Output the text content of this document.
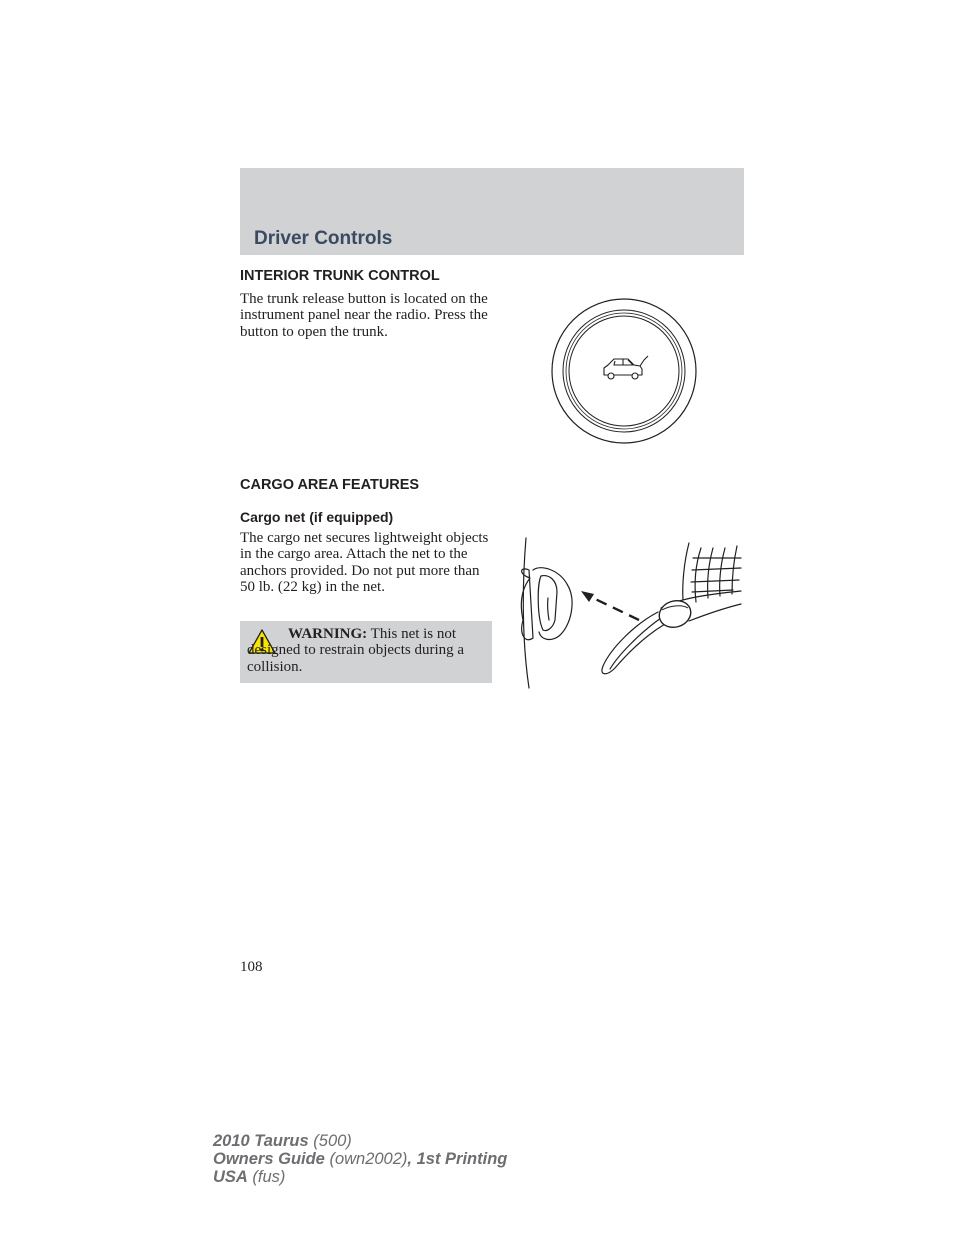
Driver Controls
INTERIOR TRUNK CONTROL

The trunk release button is located on the instrument panel near the radio. Press the button to open the trunk.

CARGO AREA FEATURES
Cargo net (if equipped)

The cargo net secures lightweight objects in the cargo area. Attach the net to the anchors provided. Do not put more than 50 lb. (22 kg) in the net.

WARNING: This net is not designed to restrain objects during a collision.

108

2010 Taurus (500)
Owners Guide (own2002), 1st Printing
USA (fus)
